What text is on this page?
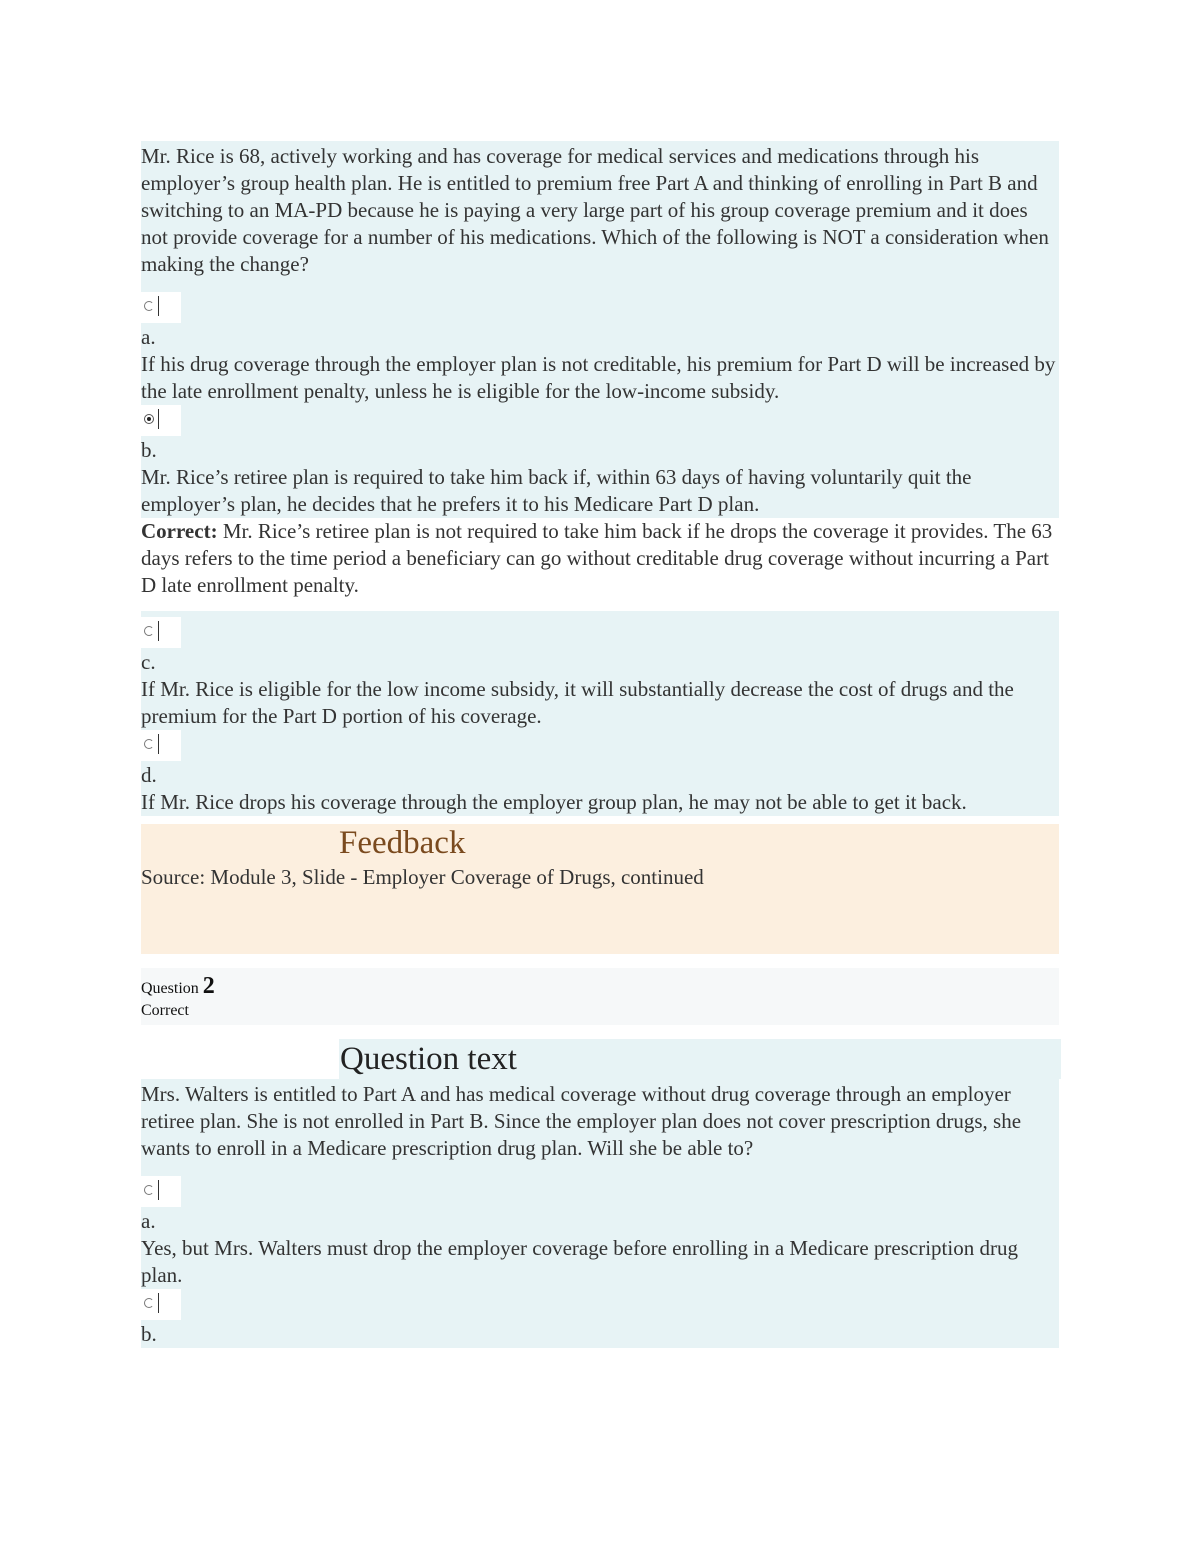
Mr. Rice is 68, actively working and has coverage for medical services and medications through his employer’s group health plan. He is entitled to premium free Part A and thinking of enrolling in Part B and switching to an MA-PD because he is paying a very large part of his group coverage premium and it does not provide coverage for a number of his medications. Which of the following is NOT a consideration when making the change?

a.
If his drug coverage through the employer plan is not creditable, his premium for Part D will be increased by the late enrollment penalty, unless he is eligible for the low-income subsidy.
b.
Mr. Rice’s retiree plan is required to take him back if, within 63 days of having voluntarily quit the employer’s plan, he decides that he prefers it to his Medicare Part D plan.
Correct: Mr. Rice’s retiree plan is not required to take him back if he drops the coverage it provides. The 63 days refers to the time period a beneficiary can go without creditable drug coverage without incurring a Part D late enrollment penalty.
c.
If Mr. Rice is eligible for the low income subsidy, it will substantially decrease the cost of drugs and the premium for the Part D portion of his coverage.
d.
If Mr. Rice drops his coverage through the employer group plan, he may not be able to get it back.
Feedback
Source: Module 3, Slide - Employer Coverage of Drugs, continued
Question 2
Correct
Question text

Mrs. Walters is entitled to Part A and has medical coverage without drug coverage through an employer retiree plan. She is not enrolled in Part B. Since the employer plan does not cover prescription drugs, she wants to enroll in a Medicare prescription drug plan. Will she be able to?

a.
Yes, but Mrs. Walters must drop the employer coverage before enrolling in a Medicare prescription drug plan.
b.
